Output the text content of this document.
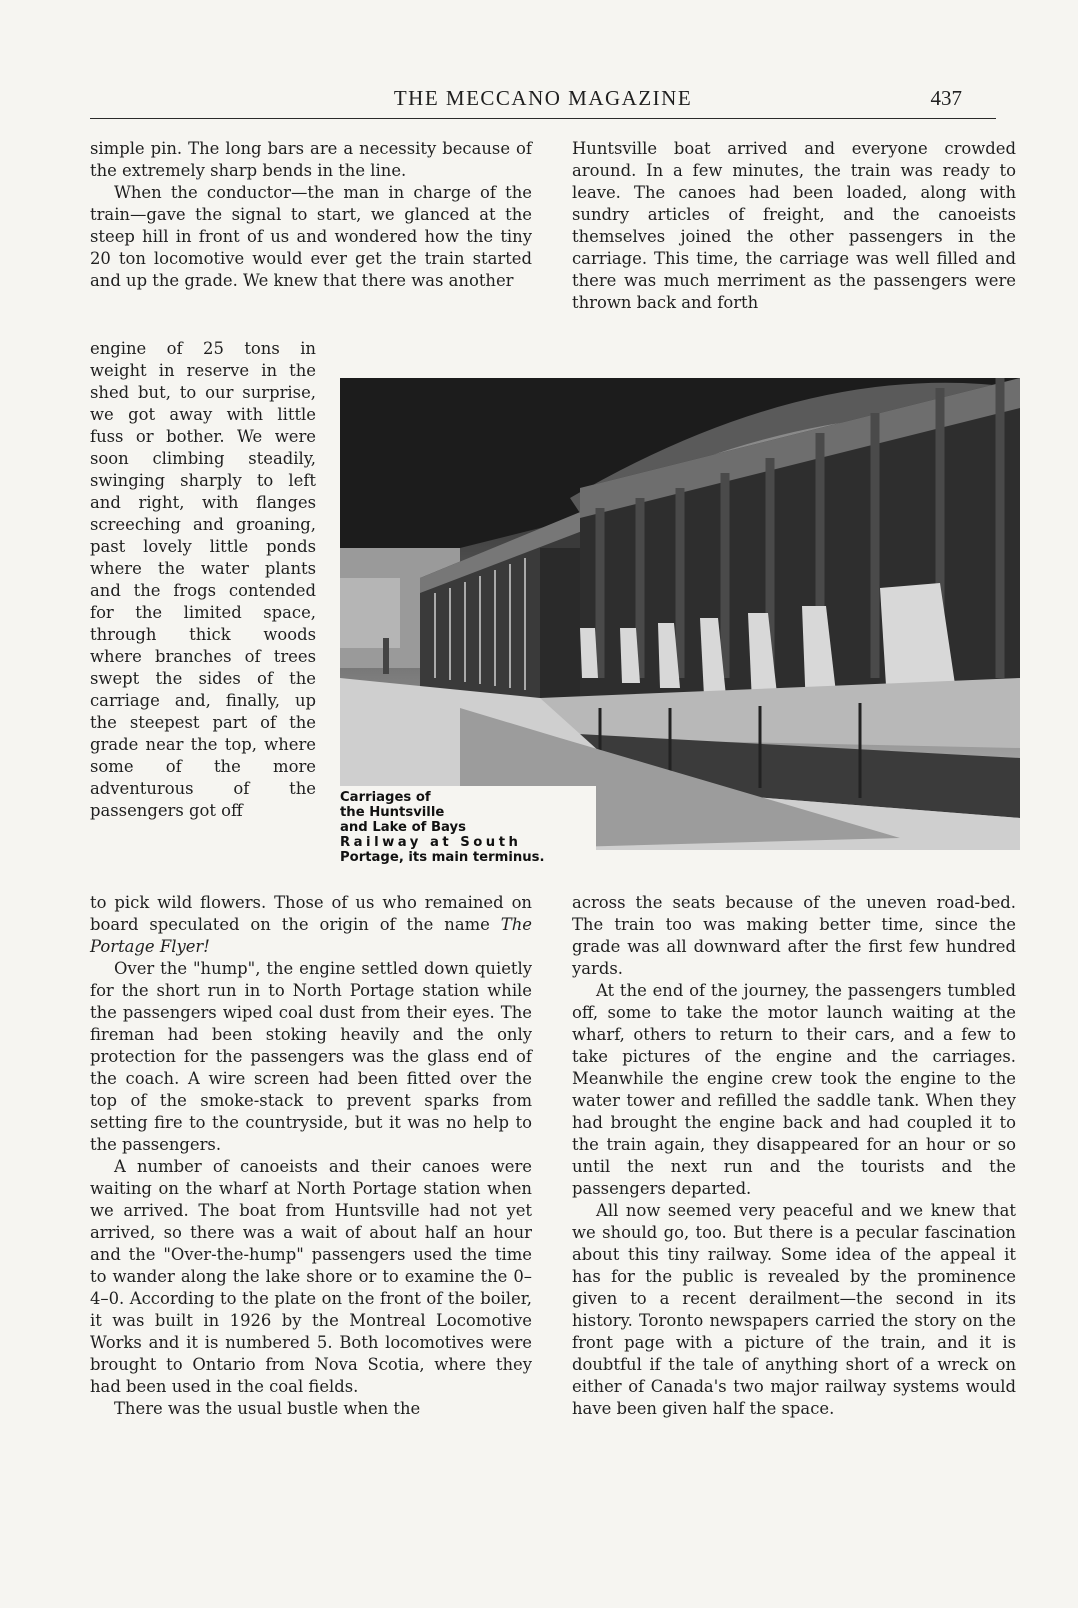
THE MECCANO MAGAZINE	437

simple pin. The long bars are a necessity because of the extremely sharp bends in the line.

When the conductor—the man in charge of the train—gave the signal to start, we glanced at the steep hill in front of us and wondered how the tiny 20 ton locomotive would ever get the train started and up the grade. We knew that there was another

engine of 25 tons in weight in reserve in the shed but, to our surprise, we got away with little fuss or bother. We were soon climbing steadily, swinging sharply to left and right, with flanges screeching and groaning, past lovely little ponds where the water plants and the frogs contended for the limited space, through thick woods where branches of trees swept the sides of the carriage and, finally, up the steepest part of the grade near the top, where some of the more adventurous of the passengers got off

Huntsville boat arrived and everyone crowded around. In a few minutes, the train was ready to leave. The canoes had been loaded, along with sundry articles of freight, and the canoeists themselves joined the other passengers in the carriage. This time, the carriage was well filled and there was much merriment as the passengers were thrown back and forth

Carriages of
the Huntsville
and Lake of Bays
Railway at South
Portage, its main terminus.

to pick wild flowers. Those of us who remained on board speculated on the origin of the name The Portage Flyer!

Over the "hump", the engine settled down quietly for the short run in to North Portage station while the passengers wiped coal dust from their eyes. The fireman had been stoking heavily and the only protection for the passengers was the glass end of the coach. A wire screen had been fitted over the top of the smoke-stack to prevent sparks from setting fire to the countryside, but it was no help to the passengers.

A number of canoeists and their canoes were waiting on the wharf at North Portage station when we arrived. The boat from Huntsville had not yet arrived, so there was a wait of about half an hour and the "Over-the-hump" passengers used the time to wander along the lake shore or to examine the 0–4–0. According to the plate on the front of the boiler, it was built in 1926 by the Montreal Locomotive Works and it is numbered 5. Both locomotives were brought to Ontario from Nova Scotia, where they had been used in the coal fields.

There was the usual bustle when the

across the seats because of the uneven road-bed. The train too was making better time, since the grade was all downward after the first few hundred yards.

At the end of the journey, the passengers tumbled off, some to take the motor launch waiting at the wharf, others to return to their cars, and a few to take pictures of the engine and the carriages. Meanwhile the engine crew took the engine to the water tower and refilled the saddle tank. When they had brought the engine back and had coupled it to the train again, they disappeared for an hour or so until the next run and the tourists and the passengers departed.

All now seemed very peaceful and we knew that we should go, too. But there is a pecular fascination about this tiny railway. Some idea of the appeal it has for the public is revealed by the prominence given to a recent derailment—the second in its history. Toronto newspapers carried the story on the front page with a picture of the train, and it is doubtful if the tale of anything short of a wreck on either of Canada's two major railway systems would have been given half the space.
